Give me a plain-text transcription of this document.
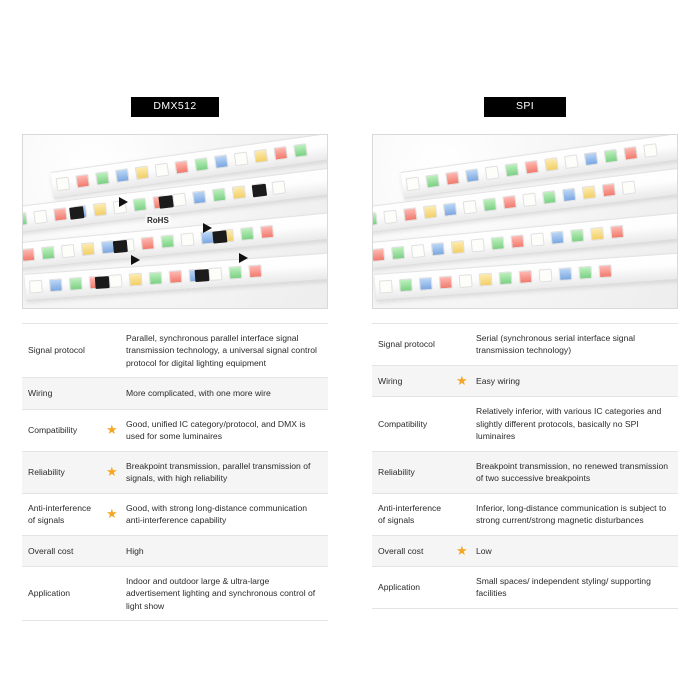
DMX512
RoHS
Signal protocol		Parallel, synchronous parallel interface signal transmission technology, a universal signal control protocol for digital lighting equipment
Wiring		More complicated, with one more wire
Compatibility	★	Good, unified IC category/protocol, and DMX is used for some luminaires
Reliability	★	Breakpoint transmission, parallel transmission of signals, with high reliability
Anti-interference of signals	★	Good, with strong long-distance communication anti-interference capability
Overall cost		High
Application		Indoor and outdoor large & ultra-large advertisement lighting and synchronous control of light show
SPI
Signal protocol		Serial (synchronous serial interface signal transmission technology)
Wiring	★	Easy wiring
Compatibility		Relatively inferior, with various IC categories and slightly different protocols, basically no SPI luminaires
Reliability		Breakpoint transmission, no renewed transmission of two successive breakpoints
Anti-interference of signals		Inferior, long-distance communication is subject to strong current/strong magnetic disturbances
Overall cost	★	Low
Application		Small spaces/ independent styling/ supporting facilities
